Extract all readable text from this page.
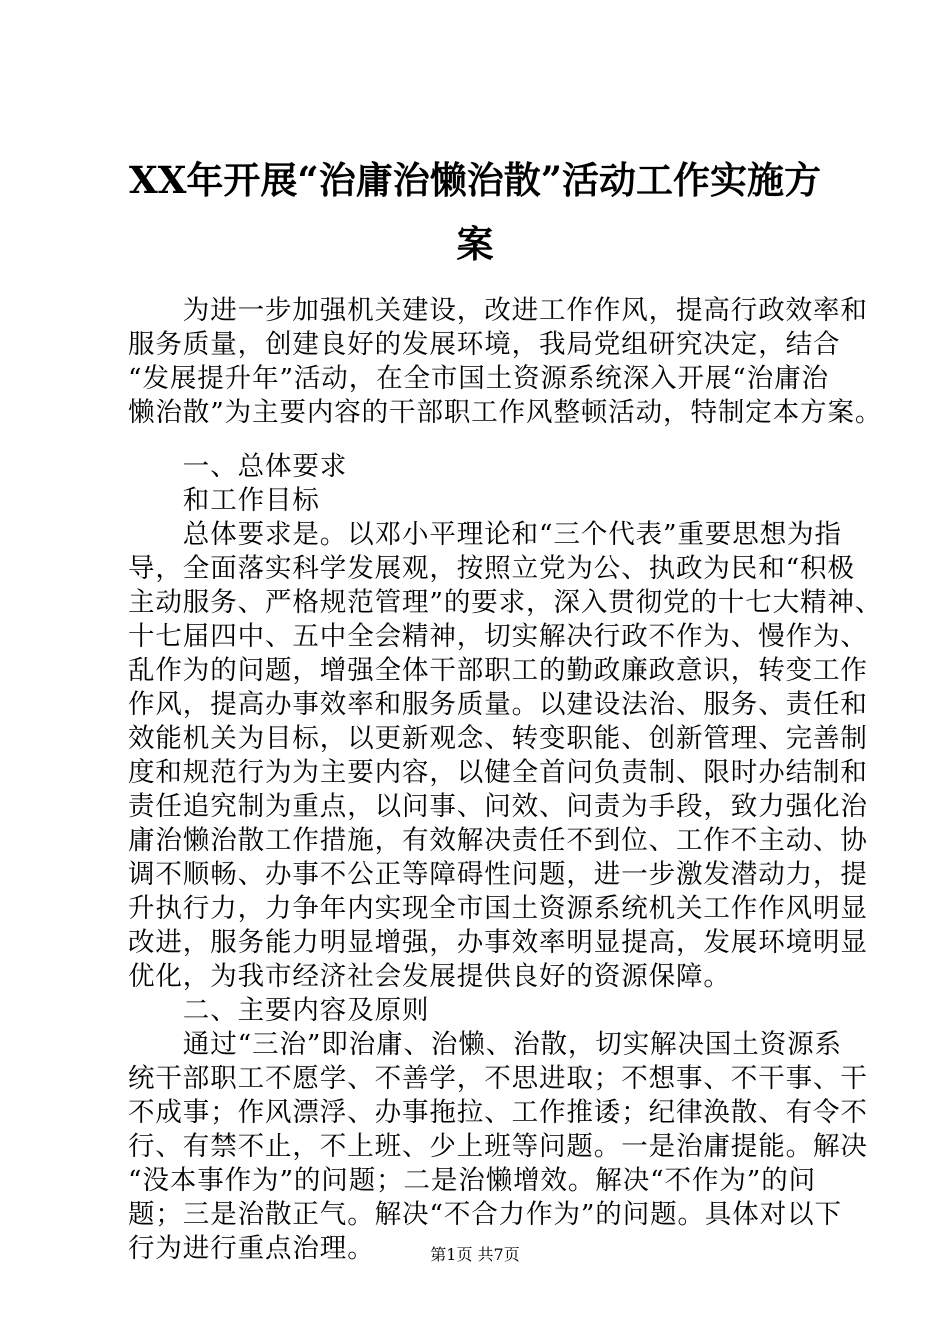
XX年开展“治庸治懒治散”活动工作实施方
案
　　为进一步加强机关建设，改进工作作风，提高行政效率和
服务质量，创建良好的发展环境，我局党组研究决定，结合
“发展提升年”活动，在全市国土资源系统深入开展“治庸治
懒治散”为主要内容的干部职工作风整顿活动，特制定本方案。
　　一、总体要求
　　和工作目标
　　总体要求是。以邓小平理论和“三个代表”重要思想为指
导，全面落实科学发展观，按照立党为公、执政为民和“积极
主动服务、严格规范管理”的要求，深入贯彻党的十七大精神、
十七届四中、五中全会精神，切实解决行政不作为、慢作为、
乱作为的问题，增强全体干部职工的勤政廉政意识，转变工作
作风，提高办事效率和服务质量。以建设法治、服务、责任和
效能机关为目标，以更新观念、转变职能、创新管理、完善制
度和规范行为为主要内容，以健全首问负责制、限时办结制和
责任追究制为重点，以问事、问效、问责为手段，致力强化治
庸治懒治散工作措施，有效解决责任不到位、工作不主动、协
调不顺畅、办事不公正等障碍性问题，进一步激发潜动力，提
升执行力，力争年内实现全市国土资源系统机关工作作风明显
改进，服务能力明显增强，办事效率明显提高，发展环境明显
优化，为我市经济社会发展提供良好的资源保障。
　　二、主要内容及原则
　　通过“三治”即治庸、治懒、治散，切实解决国土资源系
统干部职工不愿学、不善学，不思进取；不想事、不干事、干
不成事；作风漂浮、办事拖拉、工作推诿；纪律涣散、有令不
行、有禁不止，不上班、少上班等问题。一是治庸提能。解决
“没本事作为”的问题；二是治懒增效。解决“不作为”的问
题；三是治散正气。解决“不合力作为”的问题。具体对以下
行为进行重点治理。	第1页 共7页
